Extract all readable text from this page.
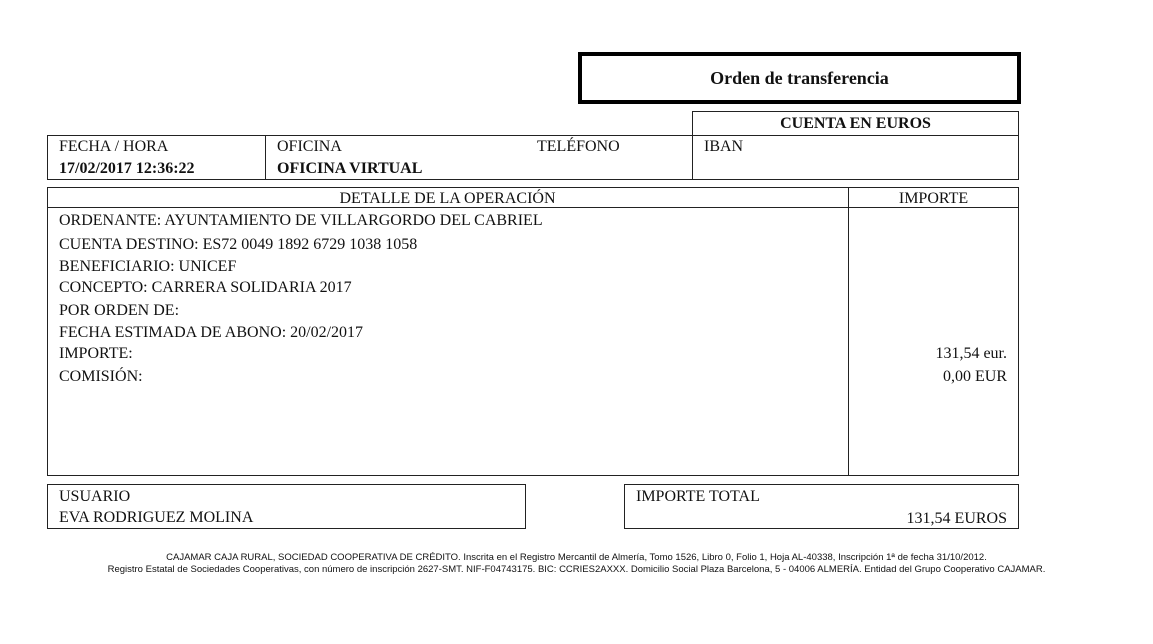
Orden de transferencia
CUENTA EN EUROS
FECHA / HORA
17/02/2017 12:36:22
OFICINA
OFICINA VIRTUAL
TELÉFONO	IBAN
DETALLE DE LA OPERACIÓN	IMPORTE
ORDENANTE: AYUNTAMIENTO DE VILLARGORDO DEL CABRIEL
CUENTA DESTINO: ES72 0049 1892 6729 1038 1058
BENEFICIARIO: UNICEF
CONCEPTO: CARRERA SOLIDARIA 2017
POR ORDEN DE:
FECHA ESTIMADA DE ABONO: 20/02/2017
IMPORTE:
COMISIÓN:
131,54 eur.
0,00 EUR
USUARIO
EVA RODRIGUEZ MOLINA
IMPORTE TOTAL
131,54 EUROS
CAJAMAR CAJA RURAL, SOCIEDAD COOPERATIVA DE CRÉDITO. Inscrita en el Registro Mercantil de Almería, Tomo 1526, Libro 0, Folio 1, Hoja AL-40338, Inscripción 1ª de fecha 31/10/2012.
Registro Estatal de Sociedades Cooperativas, con número de inscripción 2627-SMT. NIF-F04743175. BIC: CCRIES2AXXX. Domicilio Social Plaza Barcelona, 5 - 04006 ALMERÍA. Entidad del Grupo Cooperativo CAJAMAR.
